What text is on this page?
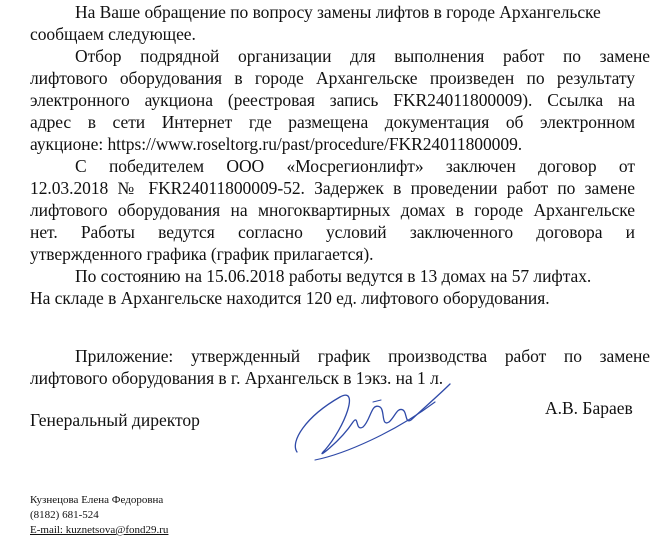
На Ваше обращение по вопросу замены лифтов в городе Архангельске
сообщаем следующее.
Отбор подрядной организации для выполнения работ по замене
лифтового оборудования в городе Архангельске произведен по результату
электронного аукциона (реестровая запись FKR24011800009). Ссылка на
адрес в сети Интернет где размещена документация об электронном
аукционе: https://www.roseltorg.ru/past/procedure/FKR24011800009.
С победителем ООО «Мосрегионлифт» заключен договор от
12.03.2018 № FKR24011800009-52. Задержек в проведении работ по замене
лифтового оборудования на многоквартирных домах в городе Архангельске
нет. Работы ведутся согласно условий заключенного договора и
утвержденного графика (график прилагается).
По состоянию на 15.06.2018 работы ведутся в 13 домах на 57 лифтах.
На складе в Архангельске находится 120 ед. лифтового оборудования.
Приложение: утвержденный график производства работ по замене
лифтового оборудования в г. Архангельск в 1экз. на 1 л.
Генеральный директор
А.В. Бараев
Кузнецова Елена Федоровна
(8182) 681-524
E-mail: kuznetsova@fond29.ru
